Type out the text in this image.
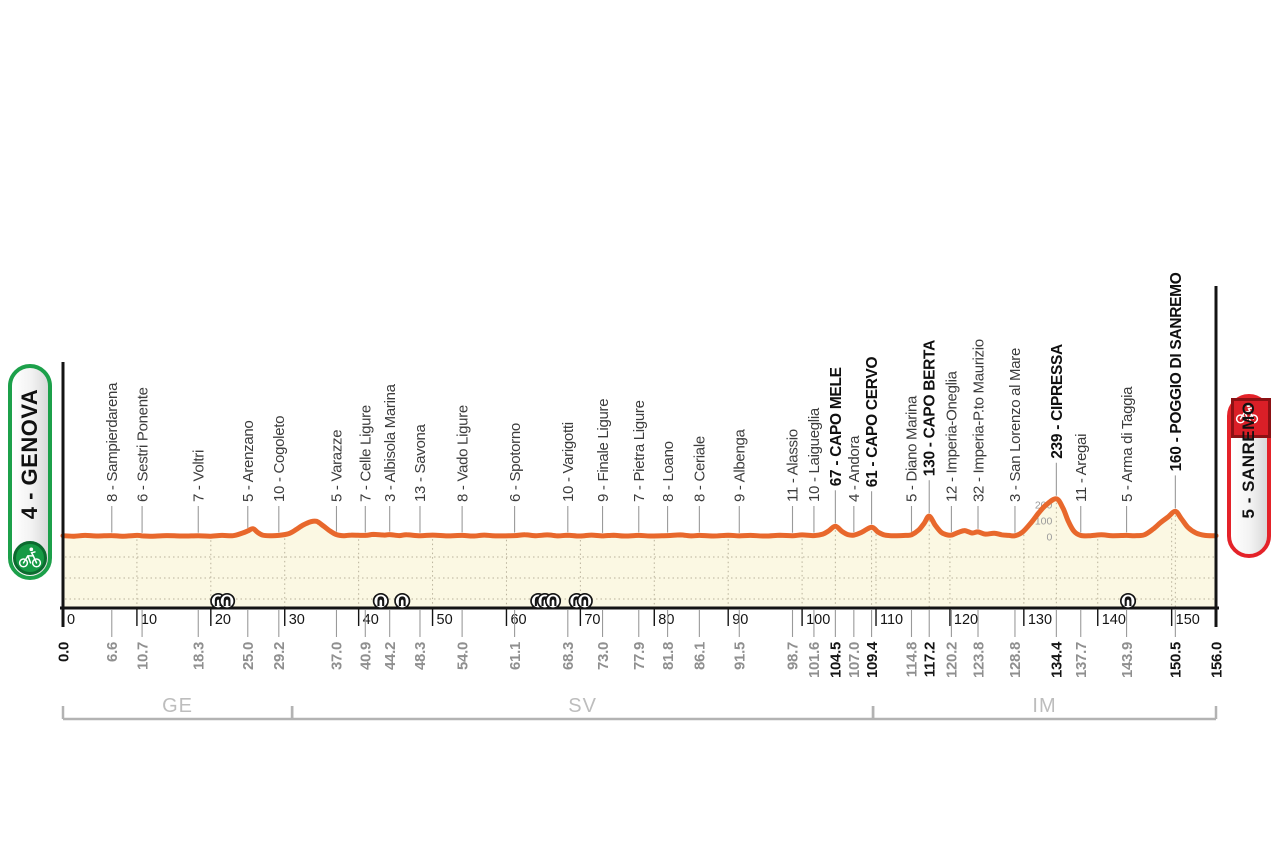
8 - Sampierdarena 6 - Sestri Ponente	7 - Voltri 5 - Arenzano 10 - Cogoleto	5 - Varazze 7 - Celle Ligure 3 - Albisola Marina 13 - Savona 8 - Vado Ligure 6 - Spotorno 10 - Varigotti 9 - Finale Ligure 7 - Pietra Ligure 8 - Loano 8 - Ceriale 9 - Albenga 11 - Alassio 10 - Laigueglia 67 - CAPO MELE 4 - Andora 61 - CAPO CERVO 5 - Diano Marina 130 - CAPO BERTA 12 - Imperia-Oneglia 32 - Imperia-P.to Maurizio 3 - San Lorenzo al Mare 239 - CIPRESSA
11 - Aregai 5 - Arma di Taggia 160 - POGGIO DI SANREMO
200
100
0
0	10	20	30	40	50	60	70	80	90	100	110	120	130	140	150
0.0 6.6 10.7	18.3 25.0 29.2	37.0 40.9 44.2 48.3 54.0 61.1 68.3 73.0 77.9 81.8 86.1 91.5 98.7 101.6 104.5 107.0 109.4 114.8 117.2 120.2 123.8 128.8 134.4 137.7 143.9 150.5 156.0
GE	SV	IM
4 - GENOVA	5 - SANREMO
